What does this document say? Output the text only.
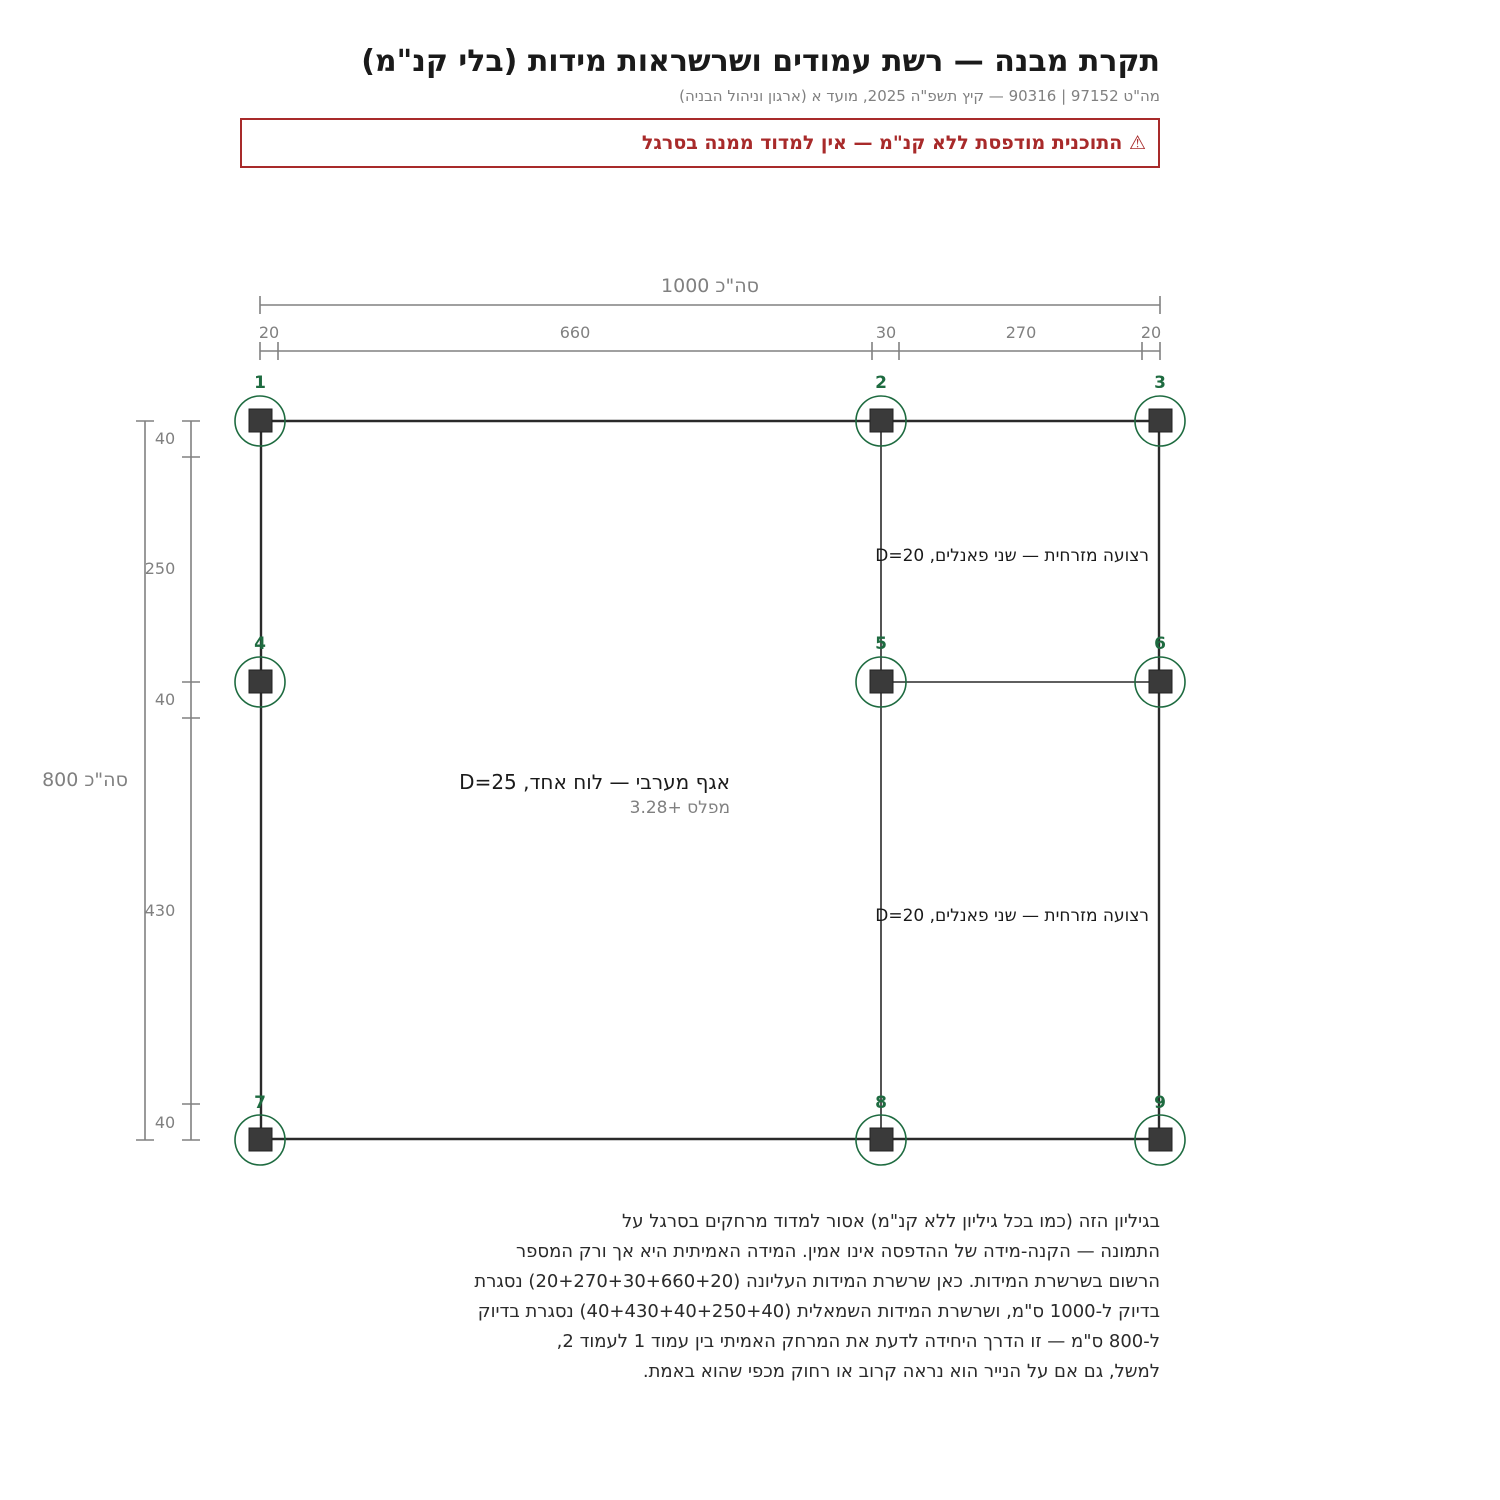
תקרת מבנה — רשת עמודים ושרשראות מידות (בלי קנ"מ)
מה"ט 97152 | 90316 — קיץ תשפ"ה 2025, מועד א (ארגון וניהול הבניה)
⚠ התוכנית מודפסת ללא קנ"מ — אין למדוד ממנה בסרגל
סה"כ 1000
20	660	30	270	20
סה"כ 800
40
250
40
430
40
1	2	3
4	5	6
7	8	9
אגף מערבי — לוח אחד, D=25
מפלס +3.28
רצועה מזרחית — שני פאנלים, D=20
רצועה מזרחית — שני פאנלים, D=20
בגיליון הזה (כמו בכל גיליון ללא קנ"מ) אסור למדוד מרחקים בסרגל על
התמונה — הקנה-מידה של ההדפסה אינו אמין. המידה האמיתית היא אך ורק המספר
הרשום בשרשרת המידות. כאן שרשרת המידות העליונה (20+270+30+660+20) נסגרת
בדיוק ל-1000 ס"מ, ושרשרת המידות השמאלית (40+430+40+250+40) נסגרת בדיוק
ל-800 ס"מ — זו הדרך היחידה לדעת את המרחק האמיתי בין עמוד 1 לעמוד 2,
למשל, גם אם על הנייר הוא נראה קרוב או רחוק מכפי שהוא באמת.
